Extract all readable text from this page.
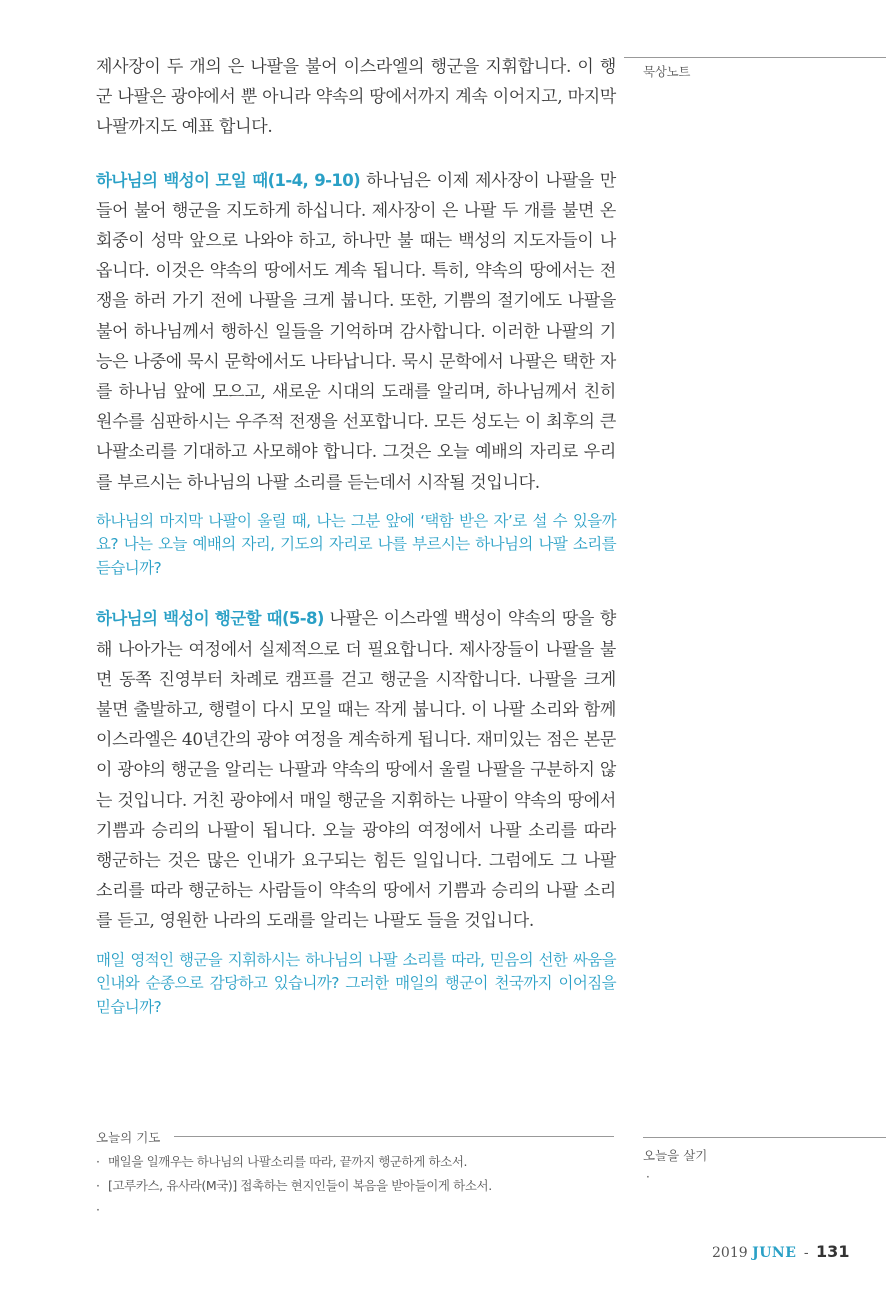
묵상노트

제사장이 두 개의 은 나팔을 불어 이스라엘의 행군을 지휘합니다. 이 행군 나팔은 광야에서 뿐 아니라 약속의 땅에서까지 계속 이어지고, 마지막 나팔까지도 예표 합니다.

하나님의 백성이 모일 때(1-4, 9-10) 하나님은 이제 제사장이 나팔을 만들어 불어 행군을 지도하게 하십니다. 제사장이 은 나팔 두 개를 불면 온 회중이 성막 앞으로 나와야 하고, 하나만 불 때는 백성의 지도자들이 나옵니다. 이것은 약속의 땅에서도 계속 됩니다. 특히, 약속의 땅에서는 전쟁을 하러 가기 전에 나팔을 크게 붑니다. 또한, 기쁨의 절기에도 나팔을 불어 하나님께서 행하신 일들을 기억하며 감사합니다. 이러한 나팔의 기능은 나중에 묵시 문학에서도 나타납니다. 묵시 문학에서 나팔은 택한 자를 하나님 앞에 모으고, 새로운 시대의 도래를 알리며, 하나님께서 친히 원수를 심판하시는 우주적 전쟁을 선포합니다. 모든 성도는 이 최후의 큰 나팔소리를 기대하고 사모해야 합니다. 그것은 오늘 예배의 자리로 우리를 부르시는 하나님의 나팔 소리를 듣는데서 시작될 것입니다.

하나님의 마지막 나팔이 울릴 때, 나는 그분 앞에 ‘택함 받은 자’로 설 수 있을까요? 나는 오늘 예배의 자리, 기도의 자리로 나를 부르시는 하나님의 나팔 소리를 듣습니까?

하나님의 백성이 행군할 때(5-8) 나팔은 이스라엘 백성이 약속의 땅을 향해 나아가는 여정에서 실제적으로 더 필요합니다. 제사장들이 나팔을 불면 동쪽 진영부터 차례로 캠프를 걷고 행군을 시작합니다. 나팔을 크게 불면 출발하고, 행렬이 다시 모일 때는 작게 붑니다. 이 나팔 소리와 함께 이스라엘은 40년간의 광야 여정을 계속하게 됩니다. 재미있는 점은 본문이 광야의 행군을 알리는 나팔과 약속의 땅에서 울릴 나팔을 구분하지 않는 것입니다. 거친 광야에서 매일 행군을 지휘하는 나팔이 약속의 땅에서 기쁨과 승리의 나팔이 됩니다. 오늘 광야의 여정에서 나팔 소리를 따라 행군하는 것은 많은 인내가 요구되는 힘든 일입니다. 그럼에도 그 나팔 소리를 따라 행군하는 사람들이 약속의 땅에서 기쁨과 승리의 나팔 소리를 듣고, 영원한 나라의 도래를 알리는 나팔도 들을 것입니다.

매일 영적인 행군을 지휘하시는 하나님의 나팔 소리를 따라, 믿음의 선한 싸움을 인내와 순종으로 감당하고 있습니까? 그러한 매일의 행군이 천국까지 이어짐을 믿습니까?

오늘의 기도
· 매일을 일깨우는 하나님의 나팔소리를 따라, 끝까지 행군하게 하소서.
· [고루카스, 유사라(M국)] 접촉하는 현지인들이 복음을 받아들이게 하소서.
·
오늘을 살기
·
2019 JUNE - 131
